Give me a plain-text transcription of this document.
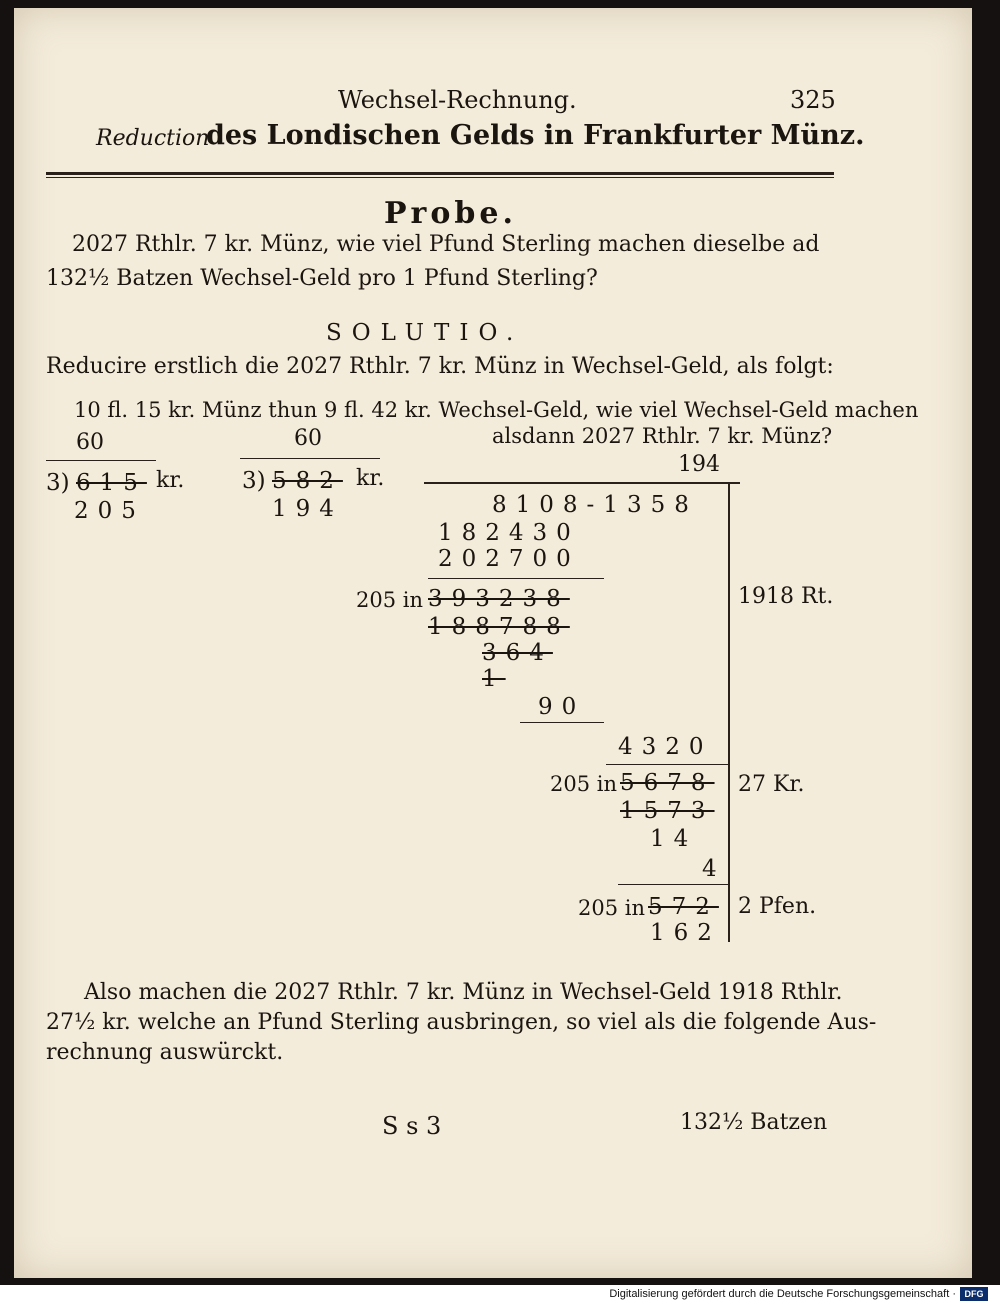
Wechsel-Rechnung.	325
Reduction
des Londischen Gelds in Frankfurter Münz.
Probe.
2027 Rthlr. 7 kr. Münz, wie viel Pfund Sterling machen dieselbe ad
132½ Batzen Wechsel-Geld pro 1 Pfund Sterling?
SOLUTIO.
Reducire erstlich die 2027 Rthlr. 7 kr. Münz in Wechsel-Geld, als folgt:
10 fl. 15 kr. Münz thun 9 fl. 42 kr. Wechsel-Geld, wie viel Wechsel-Geld machen
alsdann 2027 Rthlr. 7 kr. Münz?
60	60
194
3) 615 kr.
205
3) 582 kr.
194	8108-1358
182430
202700
205 in 393238	1918 Rt.
188788
364
1
90
4320
205 in 5678 27 Kr.
1573
14
4
205 in 572 2 Pfen.
162
Also machen die 2027 Rthlr. 7 kr. Münz in Wechsel-Geld 1918 Rthlr.
27½ kr. welche an Pfund Sterling ausbringen, so viel als die folgende Aus-
rechnung auswürckt.
S s 3	132½ Batzen
Digitalisierung gefördert durch die Deutsche Forschungsgemeinschaft · DFG
